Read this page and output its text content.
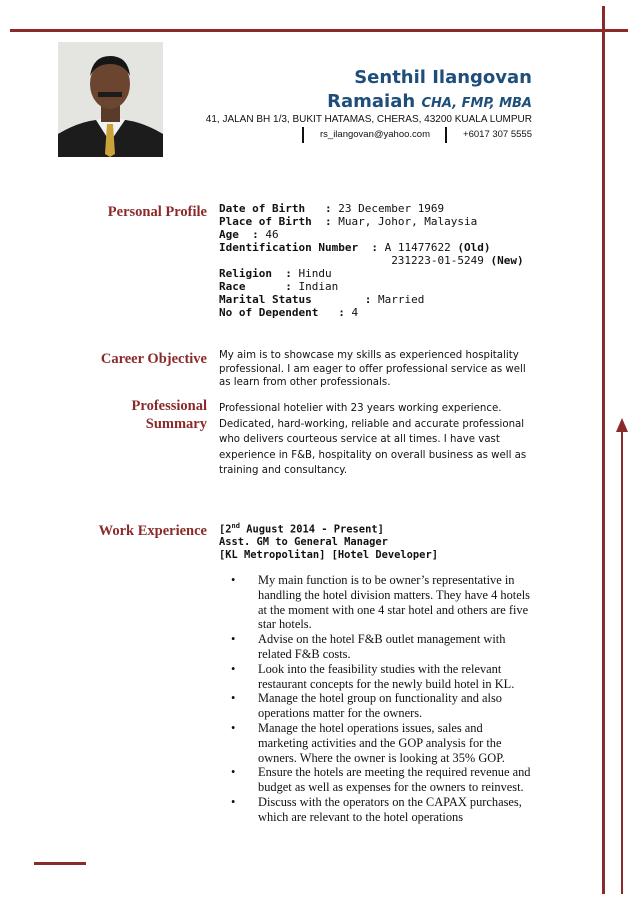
Senthil Ilangovan
Ramaiah CHA, FMP, MBA
41, JALAN BH 1/3, BUKIT HATAMAS, CHERAS, 43200 KUALA LUMPUR
rs_ilangovan@yahoo.com	+6017 307 5555
Personal Profile
Career Objective
Professional
Summary
Work Experience
Date of Birth : 23 December 1969
Place of Birth : Muar, Johor, Malaysia
Age : 46
Identification Number : A 11477622 (Old)
231223-01-5249 (New)
Religion : Hindu
Race	: Indian
Marital Status	: Married
No of Dependent : 4
My aim is to showcase my skills as experienced hospitality professional. I am eager to offer professional service as well as learn from other professionals.
Professional hotelier with 23 years working experience. Dedicated, hard-working, reliable and accurate professional who delivers courteous service at all times. I have vast experience in F&B, hospitality on overall business as well as training and consultancy.
[2nd August 2014 - Present]
Asst. GM to General Manager
[KL Metropolitan] [Hotel Developer]
• My main function is to be owner’s representative in handling the hotel division matters. They have 4 hotels at the moment with one 4 star hotel and others are five star hotels.
• Advise on the hotel F&B outlet management with related F&B costs.
• Look into the feasibility studies with the relevant restaurant concepts for the newly build hotel in KL.
• Manage the hotel group on functionality and also operations matter for the owners.
• Manage the hotel operations issues, sales and marketing activities and the GOP analysis for the owners. Where the owner is looking at 35% GOP.
• Ensure the hotels are meeting the required revenue and budget as well as expenses for the owners to reinvest.
• Discuss with the operators on the CAPAX purchases, which are relevant to the hotel operations
